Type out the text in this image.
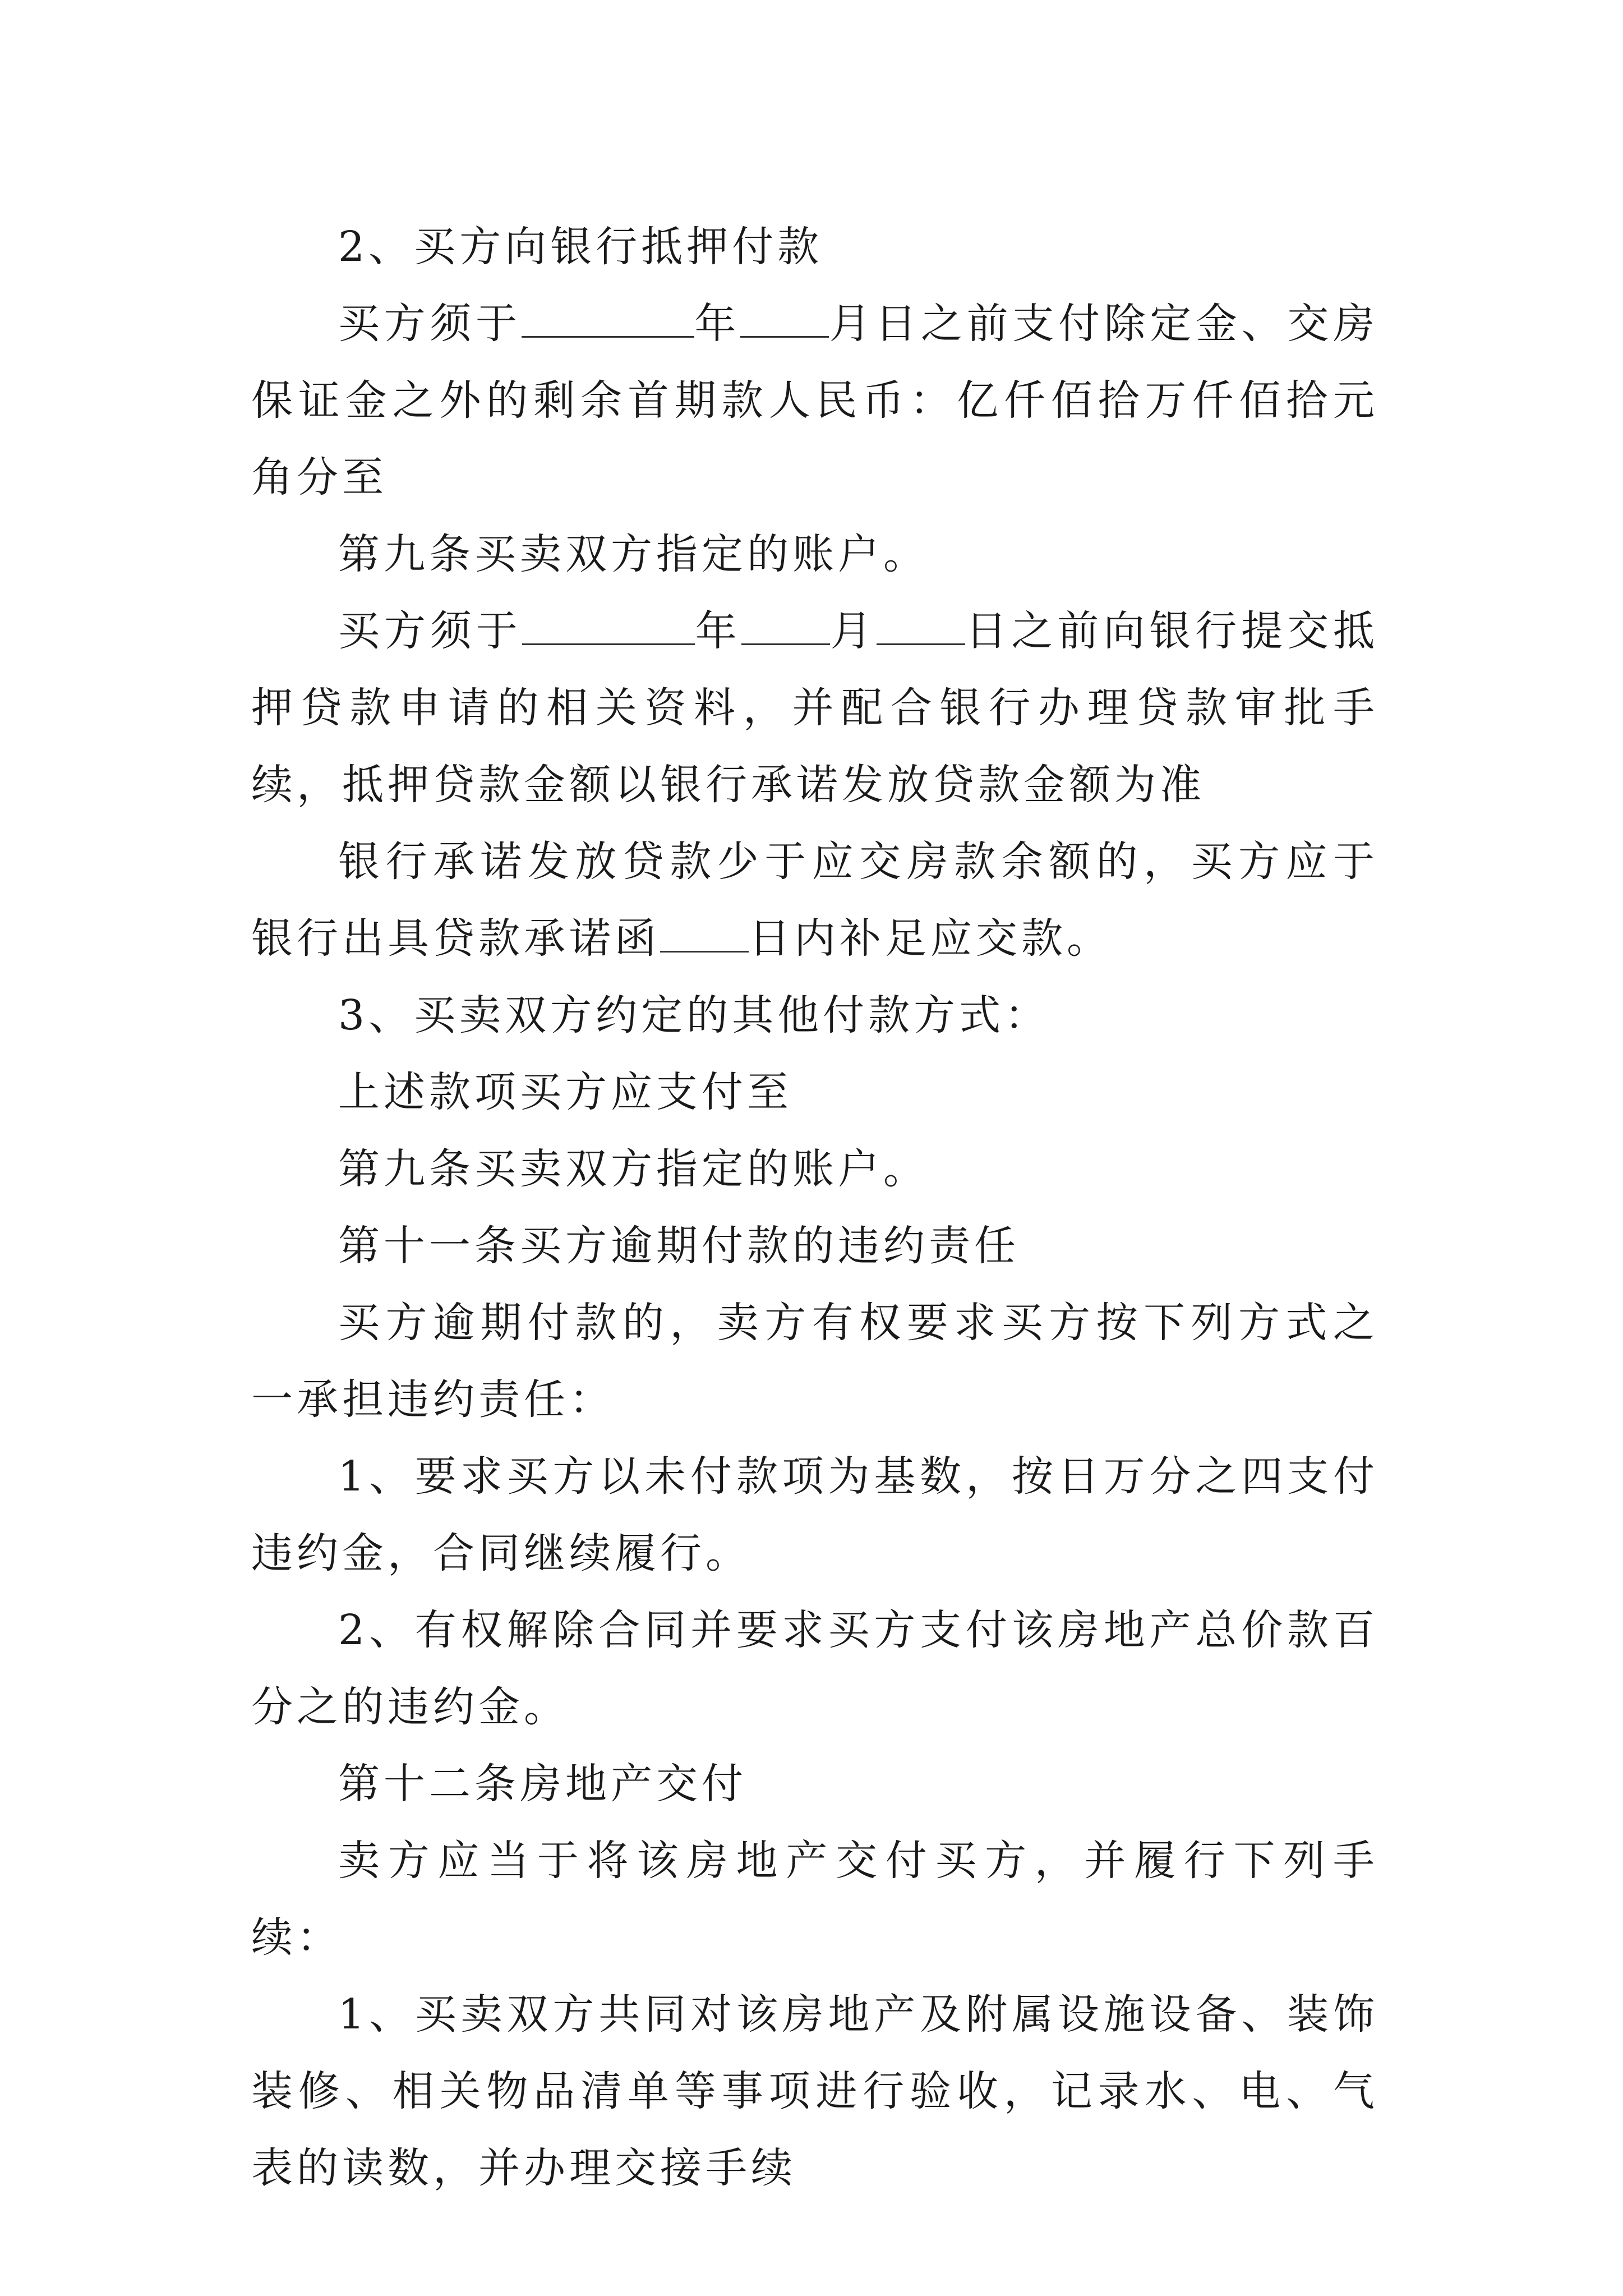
2、买方向银行抵押付款

买方须于	年 月日之前支付除定金、交房保证金之外的剩余首期款人民币：亿仟佰拾万仟佰拾元角分至

第九条买卖双方指定的账户。

买方须于	年 月 日之前向银行提交抵押贷款申请的相关资料，并配合银行办理贷款审批手续，抵押贷款金额以银行承诺发放贷款金额为准

银行承诺发放贷款少于应交房款余额的，买方应于银行出具贷款承诺函 日内补足应交款。

3、买卖双方约定的其他付款方式：

上述款项买方应支付至

第九条买卖双方指定的账户。

第十一条买方逾期付款的违约责任

买方逾期付款的，卖方有权要求买方按下列方式之一承担违约责任：

1、要求买方以未付款项为基数，按日万分之四支付违约金，合同继续履行。

2、有权解除合同并要求买方支付该房地产总价款百分之的违约金。

第十二条房地产交付

卖方应当于将该房地产交付买方，并履行下列手续：

1、买卖双方共同对该房地产及附属设施设备、装饰装修、相关物品清单等事项进行验收，记录水、电、气表的读数，并办理交接手续
